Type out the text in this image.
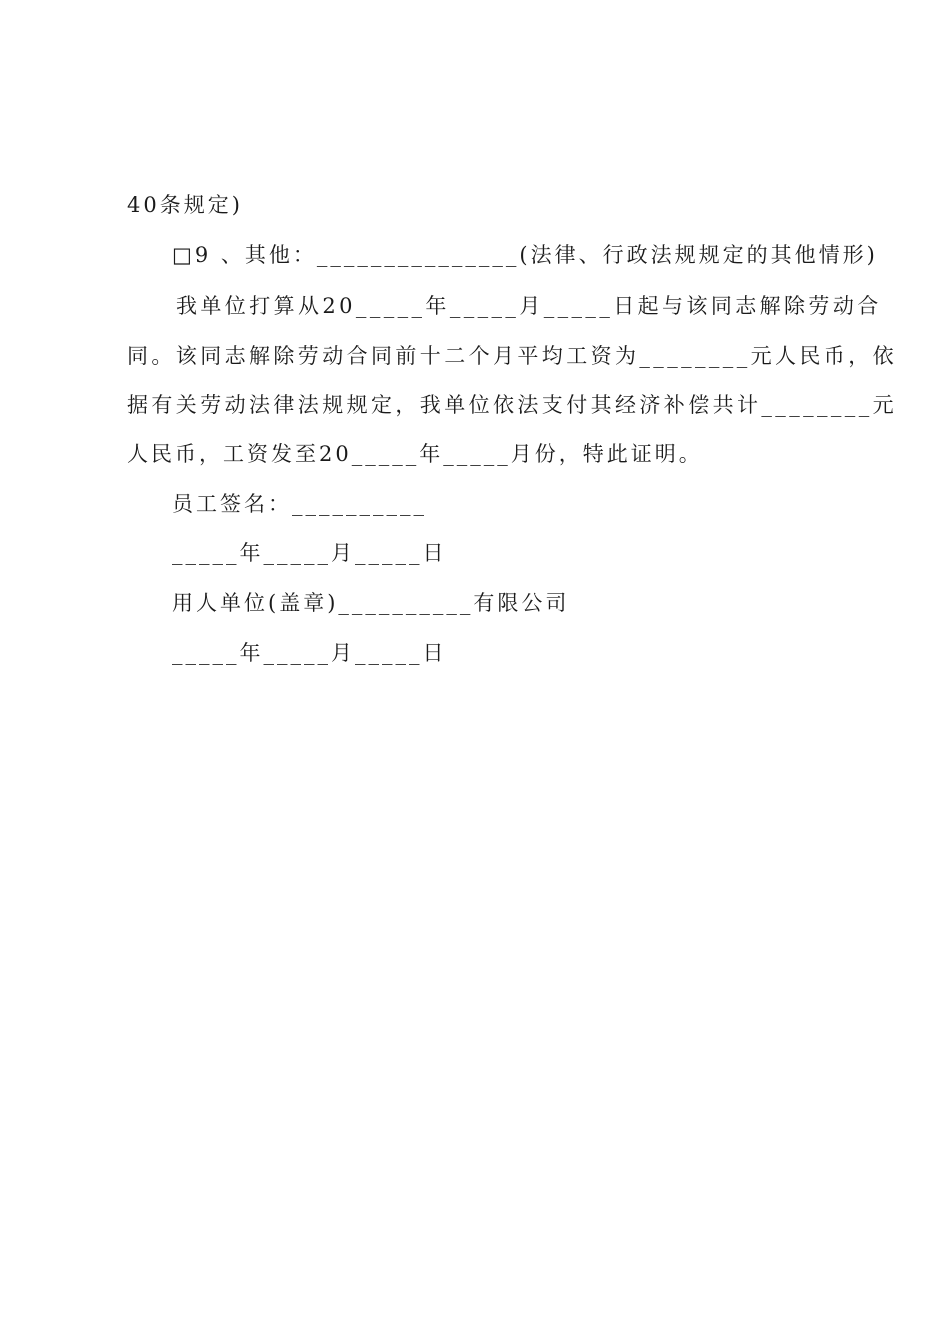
40条规定)
□9 、其他：_______________(法律、行政法规规定的其他情形)
我单位打算从20_____年_____月_____日起与该同志解除劳动合
同。该同志解除劳动合同前十二个月平均工资为________元人民币，依
据有关劳动法律法规规定，我单位依法支付其经济补偿共计________元
人民币，工资发至20_____年_____月份，特此证明。
员工签名：__________
_____年_____月_____日
用人单位(盖章)__________有限公司
_____年_____月_____日
